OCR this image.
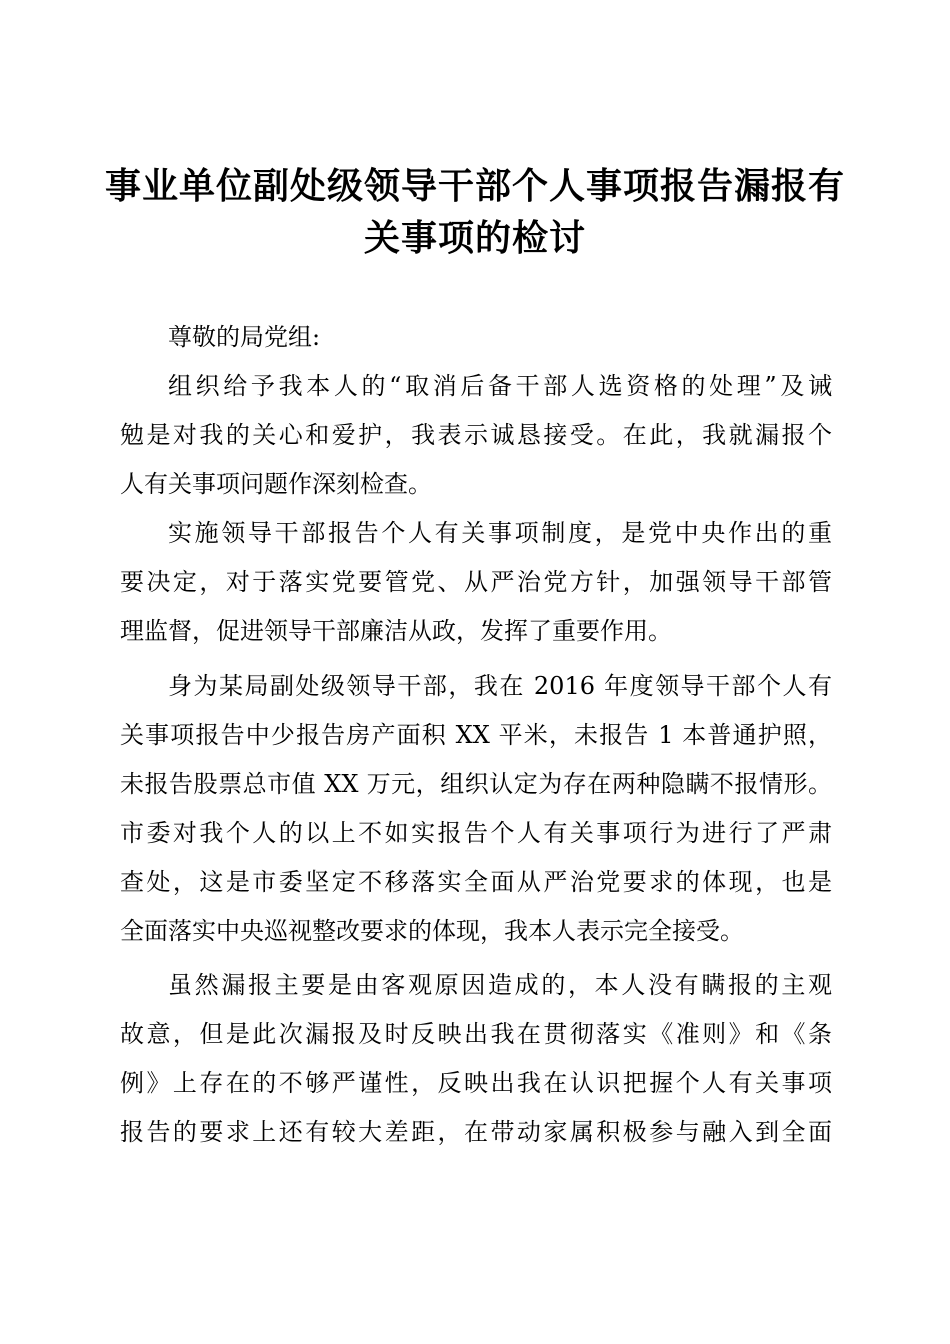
事业单位副处级领导干部个人事项报告漏报有
关事项的检讨
尊敬的局党组:
组织给予我本人的“取消后备干部人选资格的处理”及诫
勉是对我的关心和爱护，我表示诚恳接受。在此，我就漏报个
人有关事项问题作深刻检查。
实施领导干部报告个人有关事项制度，是党中央作出的重
要决定，对于落实党要管党、从严治党方针，加强领导干部管
理监督，促进领导干部廉洁从政，发挥了重要作用。
身为某局副处级领导干部，我在 2016 年度领导干部个人有
关事项报告中少报告房产面积 XX 平米，未报告 1 本普通护照，
未报告股票总市值 XX 万元，组织认定为存在两种隐瞒不报情形。
市委对我个人的以上不如实报告个人有关事项行为进行了严肃
查处，这是市委坚定不移落实全面从严治党要求的体现，也是
全面落实中央巡视整改要求的体现，我本人表示完全接受。
虽然漏报主要是由客观原因造成的，本人没有瞒报的主观
故意，但是此次漏报及时反映出我在贯彻落实《准则》和《条
例》上存在的不够严谨性，反映出我在认识把握个人有关事项
报告的要求上还有较大差距，在带动家属积极参与融入到全面
